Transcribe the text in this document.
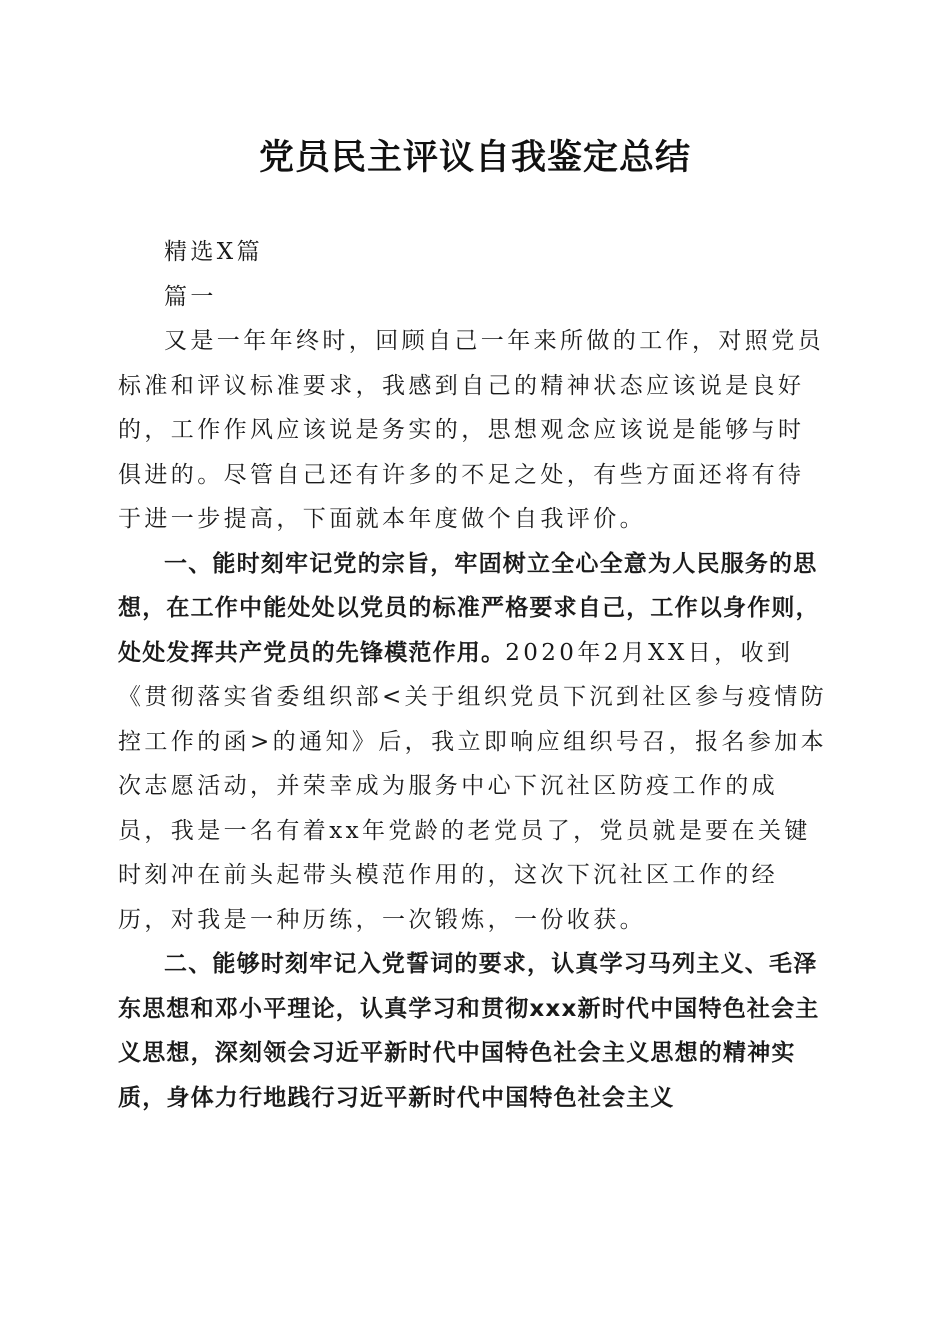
党员民主评议自我鉴定总结

精选X篇

篇一

又是一年年终时，回顾自己一年来所做的工作，对照党员标准和评议标准要求，我感到自己的精神状态应该说是良好的，工作作风应该说是务实的，思想观念应该说是能够与时俱进的。尽管自己还有许多的不足之处，有些方面还将有待于进一步提高，下面就本年度做个自我评价。

一、能时刻牢记党的宗旨，牢固树立全心全意为人民服务的思想，在工作中能处处以党员的标准严格要求自己，工作以身作则，处处发挥共产党员的先锋模范作用。2020年2月XX日，收到《贯彻落实省委组织部<关于组织党员下沉到社区参与疫情防控工作的函>的通知》后，我立即响应组织号召，报名参加本次志愿活动，并荣幸成为服务中心下沉社区防疫工作的成员，我是一名有着xx年党龄的老党员了，党员就是要在关键时刻冲在前头起带头模范作用的，这次下沉社区工作的经历，对我是一种历练，一次锻炼，一份收获。

二、能够时刻牢记入党誓词的要求，认真学习马列主义、毛泽东思想和邓小平理论，认真学习和贯彻xxx新时代中国特色社会主义思想，深刻领会习近平新时代中国特色社会主义思想的精神实质，身体力行地践行习近平新时代中国特色社会主义
